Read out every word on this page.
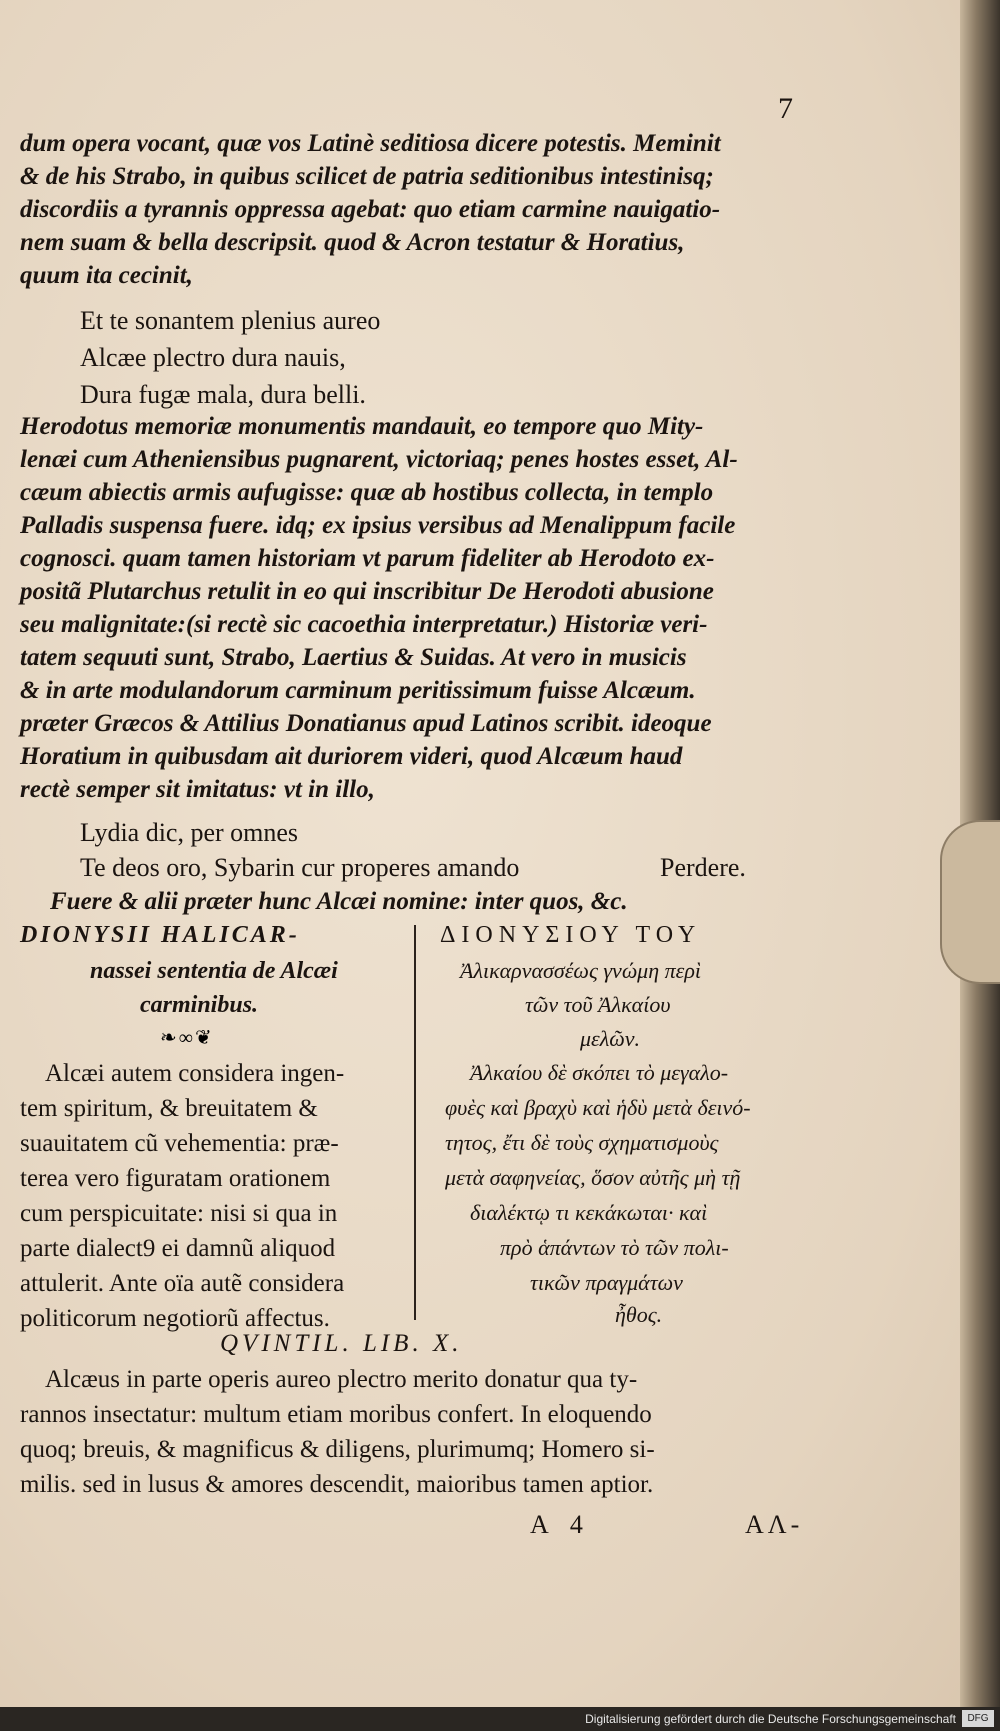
7
dum opera vocant, quæ vos Latinè seditiosa dicere potestis. Meminit
& de his Strabo, in quibus scilicet de patria seditionibus intestinisq;
discordiis a tyrannis oppressa agebat: quo etiam carmine nauigatio-
nem suam & bella descripsit. quod & Acron testatur & Horatius,
quum ita cecinit,
Et te sonantem plenius aureo
Alcæe plectro dura nauis,
Dura fugæ mala, dura belli.
Herodotus memoriæ monumentis mandauit, eo tempore quo Mity-
lenæi cum Atheniensibus pugnarent, victoriaq; penes hostes esset, Al-
cæum abiectis armis aufugisse: quæ ab hostibus collecta, in templo
Palladis suspensa fuere. idq; ex ipsius versibus ad Menalippum facile
cognosci. quam tamen historiam vt parum fideliter ab Herodoto ex-
positã Plutarchus retulit in eo qui inscribitur De Herodoti abusione
seu malignitate:(si rectè sic cacoethia interpretatur.) Historiæ veri-
tatem sequuti sunt, Strabo, Laertius & Suidas. At vero in musicis
& in arte modulandorum carminum peritissimum fuisse Alcæum.
præter Græcos & Attilius Donatianus apud Latinos scribit. ideoque
Horatium in quibusdam ait duriorem videri, quod Alcæum haud
rectè semper sit imitatus: vt in illo,
Lydia dic, per omnes
Te deos oro, Sybarin cur properes amando	Perdere.
Fuere & alii præter hunc Alcæi nomine: inter quos, &c.
DIONYSII HALICAR-
nassei sententia de Alcæi
carminibus.
❧∞❦
Alcæi autem considera ingen-
tem spiritum, & breuitatem &
suauitatem cũ vehementia: præ-
terea vero figuratam orationem
cum perspicuitate: nisi si qua in
parte dialect9 ei damnũ aliquod
attulerit. Ante oïa autẽ considera
politicorum negotiorũ affectus.
ΔΙΟΝΥΣΙΟΥ ΤΟΥ
Ἀλικαρνασσέως γνώμη περὶ
τῶν τοῦ Ἀλκαίου
μελῶν.
Ἀλκαίου δὲ σκόπει τὸ μεγαλο-
φυὲς καὶ βραχὺ καὶ ἡδὺ μετὰ δεινό-
τητος, ἔτι δὲ τοὺς σχηματισμοὺς
μετὰ σαφηνείας, ὅσον αὐτῆς μὴ τῇ
διαλέκτῳ τι κεκάκωται· καὶ
πρὸ ἁπάντων τὸ τῶν πολι-
τικῶν πραγμάτων
ἦθος.
QVINTIL. LIB. X.
Alcæus in parte operis aureo plectro merito donatur qua ty-
rannos insectatur: multum etiam moribus confert. In eloquendo
quoq; breuis, & magnificus & diligens, plurimumq; Homero si-
milis. sed in lusus & amores descendit, maioribus tamen aptior.
A 4	AΛ-
Digitalisierung gefördert durch die Deutsche Forschungsgemeinschaft	DFG
